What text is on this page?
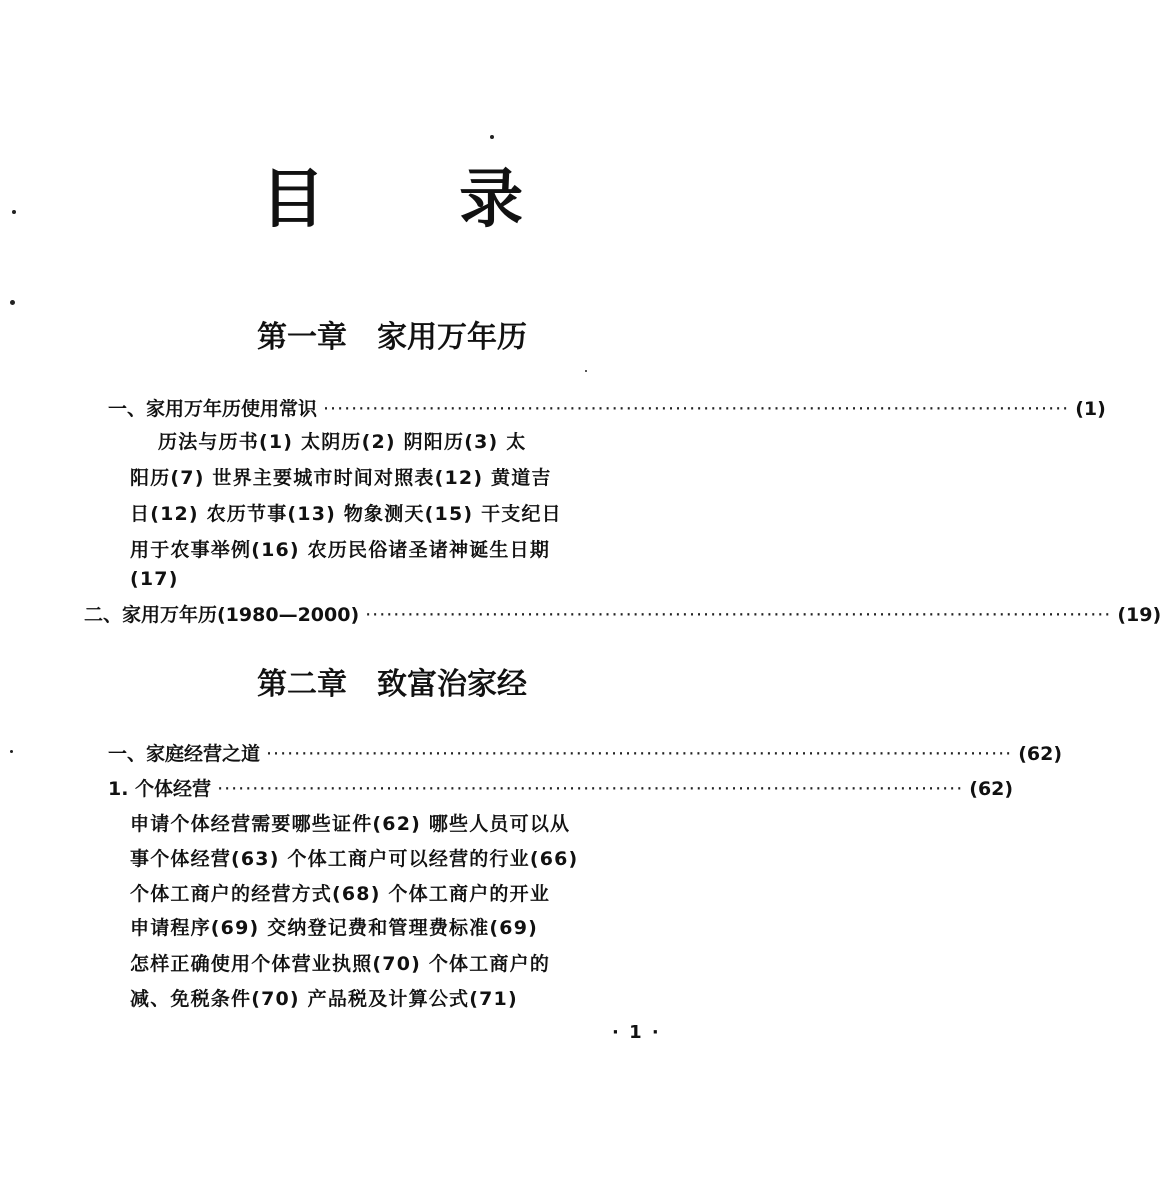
目 录
第一章 家用万年历
一、家用万年历使用常识 ·········································································································· (1)
历法与历书(1) 太阴历(2) 阴阳历(3) 太
阳历(7) 世界主要城市时间对照表(12) 黄道吉
日(12) 农历节事(13) 物象测天(15) 干支纪日
用于农事举例(16) 农历民俗诸圣诸神诞生日期
(17)
二、家用万年历(1980—2000) ·········································································································· (19)
第二章 致富治家经
一、家庭经营之道 ·········································································································· (62)
1. 个体经营 ·········································································································· (62)
申请个体经营需要哪些证件(62) 哪些人员可以从
事个体经营(63) 个体工商户可以经营的行业(66)
个体工商户的经营方式(68) 个体工商户的开业
申请程序(69) 交纳登记费和管理费标准(69)
怎样正确使用个体营业执照(70) 个体工商户的
减、免税条件(70) 产品税及计算公式(71)
· 1 ·
